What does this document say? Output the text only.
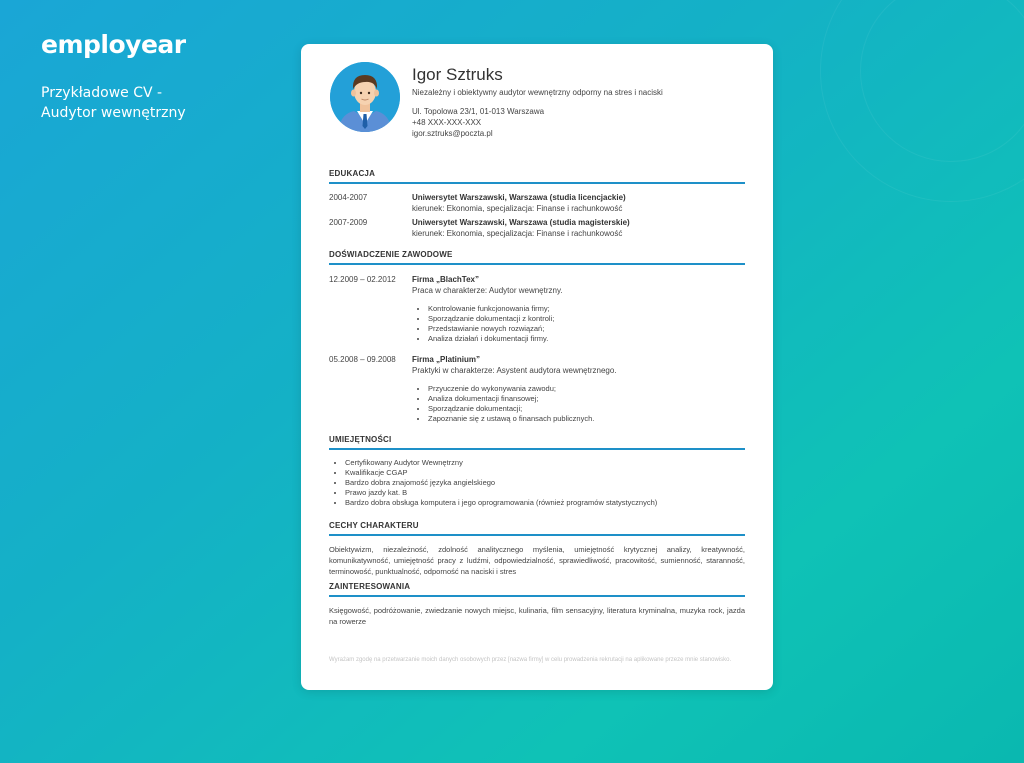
employear
Przykładowe CV -
Audytor wewnętrzny
Igor Sztruks
Niezależny i obiektywny audytor wewnętrzny odporny na stres i naciski
Ul. Topolowa 23/1, 01-013 Warszawa
+48 XXX-XXX-XXX
igor.sztruks@poczta.pl
EDUKACJA
2004-2007	Uniwersytet Warszawski, Warszawa (studia licencjackie)
kierunek: Ekonomia, specjalizacja: Finanse i rachunkowość
2007-2009	Uniwersytet Warszawski, Warszawa (studia magisterskie)
kierunek: Ekonomia, specjalizacja: Finanse i rachunkowość
DOŚWIADCZENIE ZAWODOWE
12.2009 – 02.2012	Firma „BlachTex”
Praca w charakterze: Audytor wewnętrzny.
• Kontrolowanie funkcjonowania firmy;
• Sporządzanie dokumentacji z kontroli;
• Przedstawianie nowych rozwiązań;
• Analiza działań i dokumentacji firmy.
05.2008 – 09.2008	Firma „Platinium”
Praktyki w charakterze: Asystent audytora wewnętrznego.
• Przyuczenie do wykonywania zawodu;
• Analiza dokumentacji finansowej;
• Sporządzanie dokumentacji;
• Zapoznanie się z ustawą o finansach publicznych.
UMIEJĘTNOŚCI
• Certyfikowany Audytor Wewnętrzny
• Kwalifikacje CGAP
• Bardzo dobra znajomość języka angielskiego
• Prawo jazdy kat. B
• Bardzo dobra obsługa komputera i jego oprogramowania (również programów statystycznych)
CECHY CHARAKTERU
Obiektywizm, niezależność, zdolność analitycznego myślenia, umiejętność krytycznej analizy, kreatywność, komunikatywność, umiejętność pracy z ludźmi, odpowiedzialność, sprawiedliwość, pracowitość, sumienność, staranność, terminowość, punktualność, odporność na naciski i stres
ZAINTERESOWANIA
Księgowość, podróżowanie, zwiedzanie nowych miejsc, kulinaria, film sensacyjny, literatura kryminalna, muzyka rock, jazda na rowerze
Wyrażam zgodę na przetwarzanie moich danych osobowych przez [nazwa firmy] w celu prowadzenia rekrutacji na aplikowane przeze mnie stanowisko.
